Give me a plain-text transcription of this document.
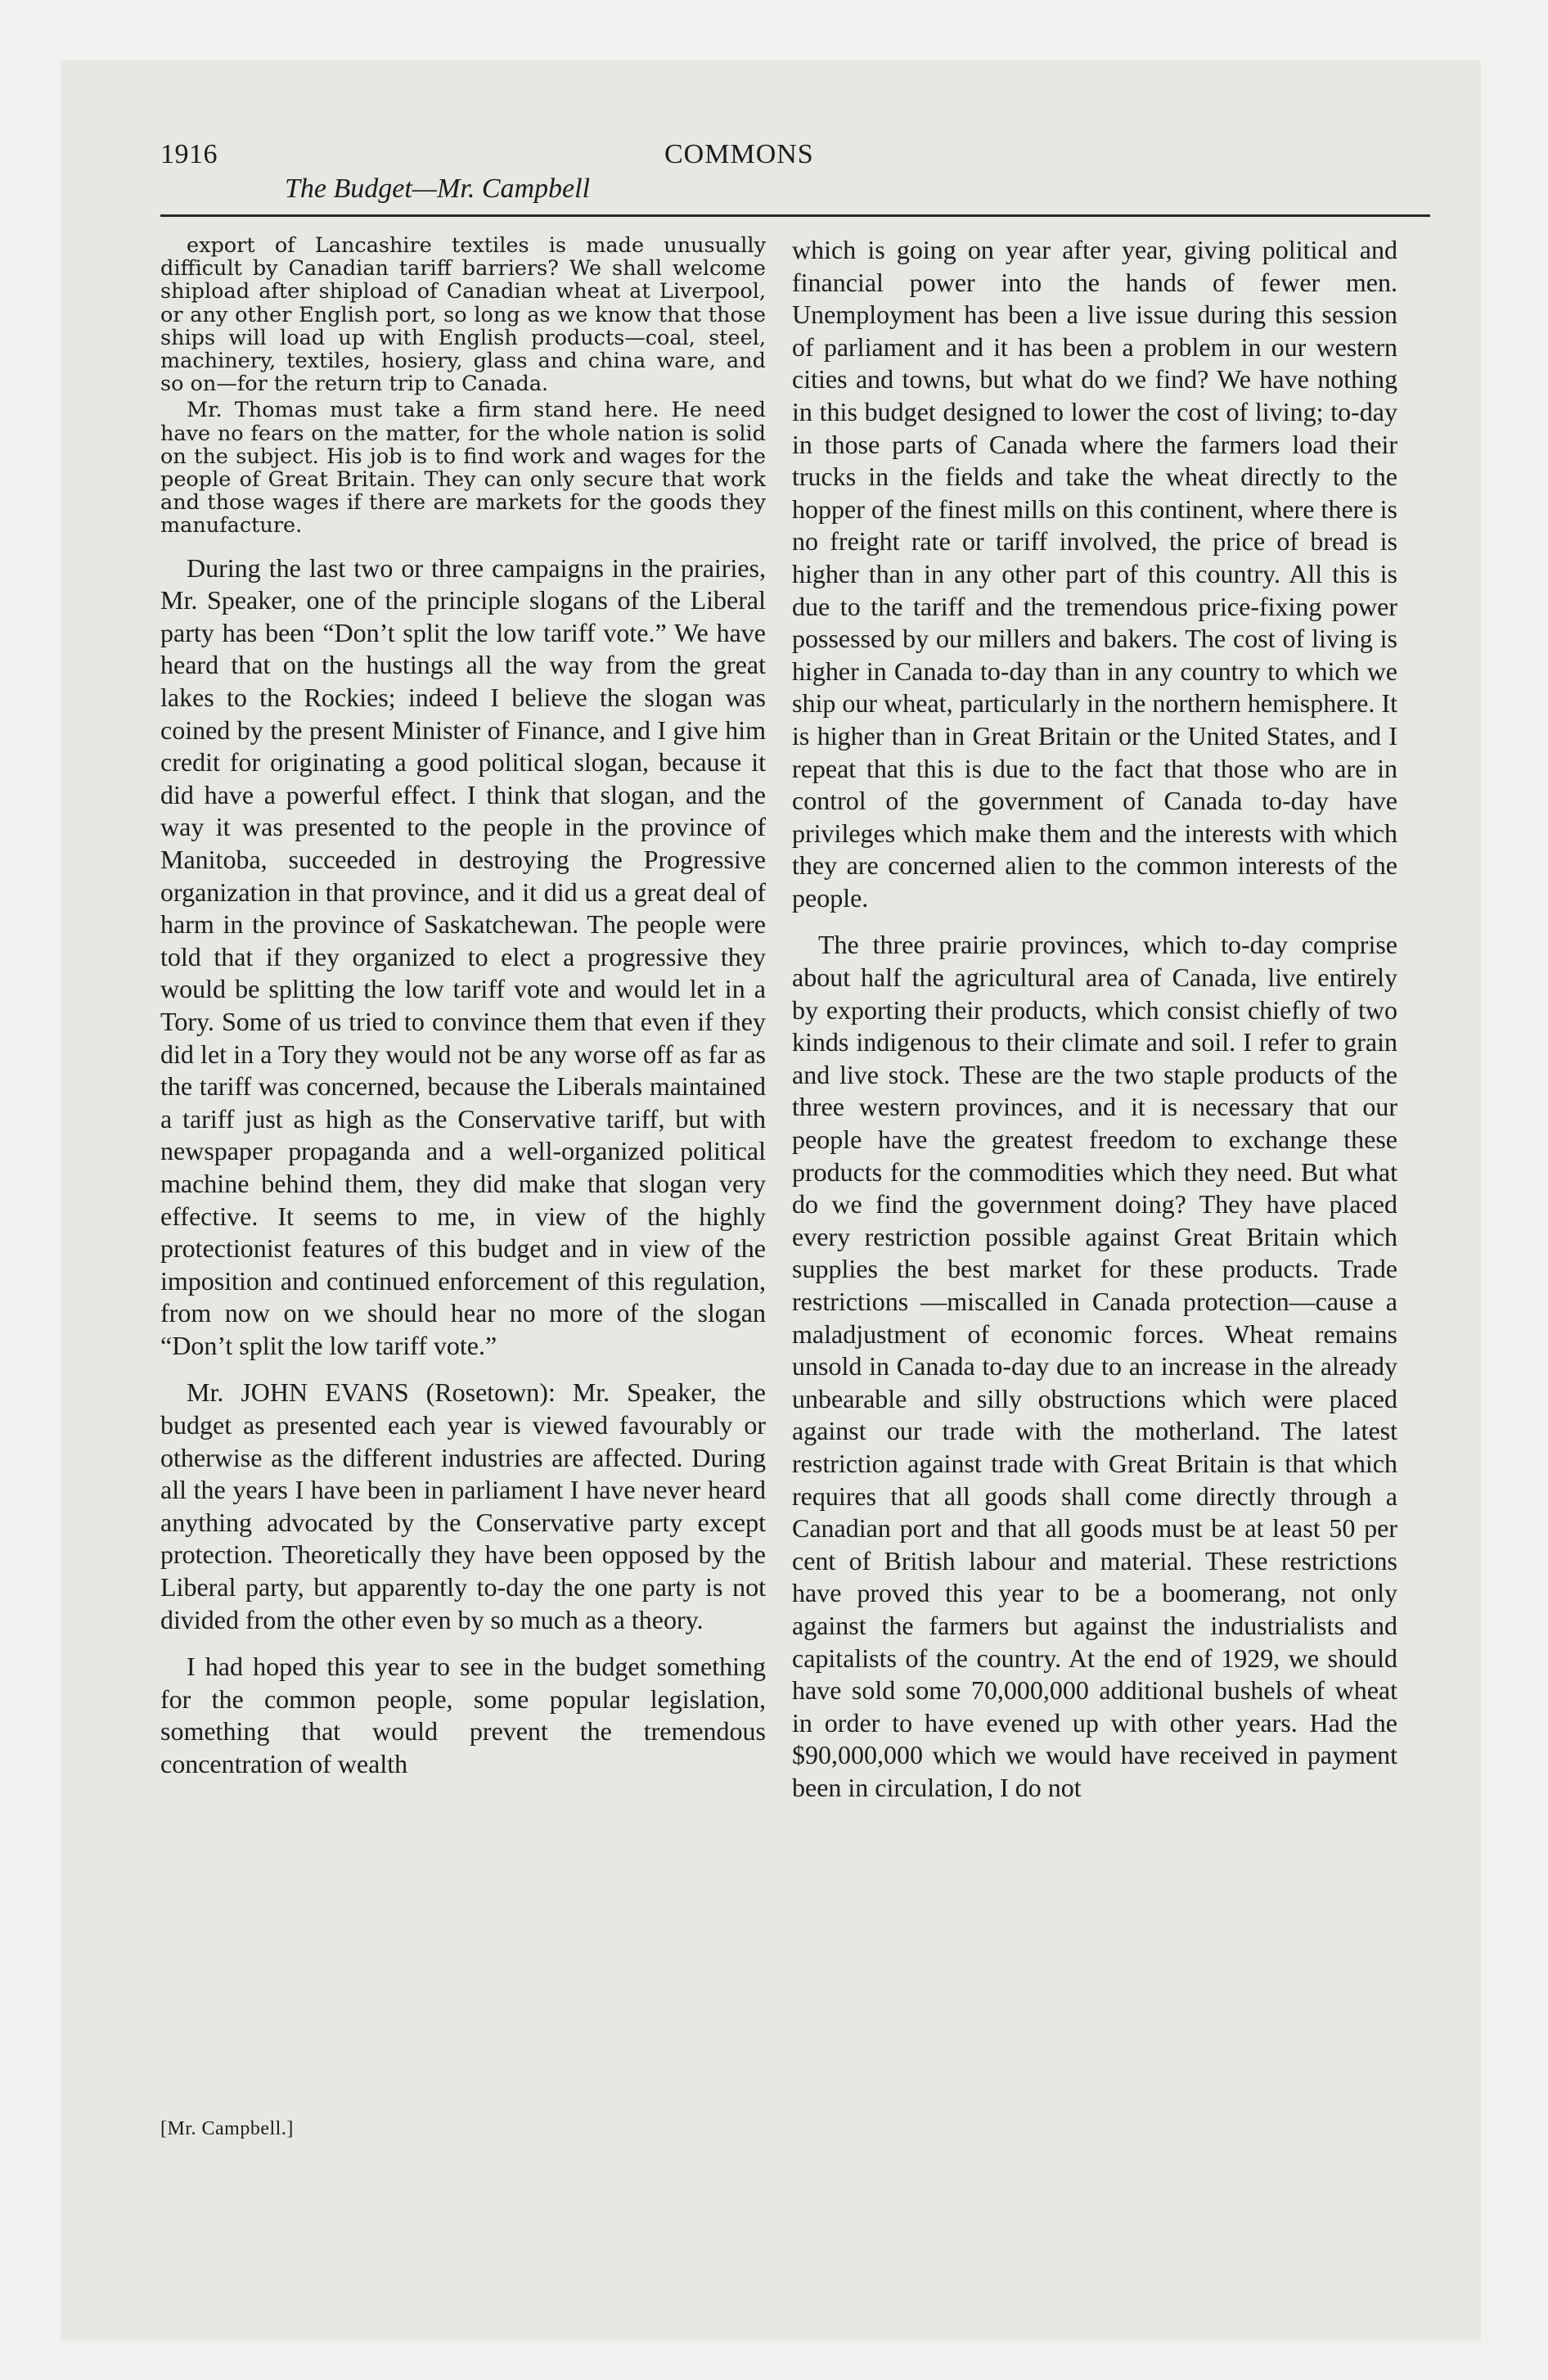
1916	COMMONS
The Budget—Mr. Campbell

export of Lancashire textiles is made unusually difficult by Canadian tariff barriers? We shall welcome shipload after shipload of Canadian wheat at Liverpool, or any other English port, so long as we know that those ships will load up with English products—coal, steel, machinery, textiles, hosiery, glass and china ware, and so on—for the return trip to Canada.

Mr. Thomas must take a firm stand here. He need have no fears on the matter, for the whole nation is solid on the subject. His job is to find work and wages for the people of Great Britain. They can only secure that work and those wages if there are markets for the goods they manufacture.

During the last two or three campaigns in the prairies, Mr. Speaker, one of the principle slogans of the Liberal party has been “Don’t split the low tariff vote.” We have heard that on the hustings all the way from the great lakes to the Rockies; indeed I believe the slogan was coined by the present Minister of Finance, and I give him credit for originating a good political slogan, because it did have a powerful effect. I think that slogan, and the way it was presented to the people in the province of Manitoba, succeeded in destroying the Progressive organization in that province, and it did us a great deal of harm in the province of Saskatchewan. The people were told that if they organized to elect a progressive they would be splitting the low tariff vote and would let in a Tory. Some of us tried to convince them that even if they did let in a Tory they would not be any worse off as far as the tariff was concerned, because the Liberals maintained a tariff just as high as the Conservative tariff, but with newspaper propaganda and a well-organized political machine behind them, they did make that slogan very effective. It seems to me, in view of the highly protectionist features of this budget and in view of the imposition and continued enforcement of this regulation, from now on we should hear no more of the slogan “Don’t split the low tariff vote.”

Mr. JOHN EVANS (Rosetown): Mr. Speaker, the budget as presented each year is viewed favourably or otherwise as the different industries are affected. During all the years I have been in parliament I have never heard anything advocated by the Conservative party except protection. Theoretically they have been opposed by the Liberal party, but apparently to-day the one party is not divided from the other even by so much as a theory.

I had hoped this year to see in the budget something for the common people, some popular legislation, something that would prevent the tremendous concentration of wealth

which is going on year after year, giving political and financial power into the hands of fewer men. Unemployment has been a live issue during this session of parliament and it has been a problem in our western cities and towns, but what do we find? We have nothing in this budget designed to lower the cost of living; to-day in those parts of Canada where the farmers load their trucks in the fields and take the wheat directly to the hopper of the finest mills on this continent, where there is no freight rate or tariff involved, the price of bread is higher than in any other part of this country. All this is due to the tariff and the tremendous price-fixing power possessed by our millers and bakers. The cost of living is higher in Canada to-day than in any country to which we ship our wheat, particularly in the northern hemisphere. It is higher than in Great Britain or the United States, and I repeat that this is due to the fact that those who are in control of the government of Canada to-day have privileges which make them and the interests with which they are concerned alien to the common interests of the people.

The three prairie provinces, which to-day comprise about half the agricultural area of Canada, live entirely by exporting their products, which consist chiefly of two kinds indigenous to their climate and soil. I refer to grain and live stock. These are the two staple products of the three western provinces, and it is necessary that our people have the greatest freedom to exchange these products for the commodities which they need. But what do we find the government doing? They have placed every restriction possible against Great Britain which supplies the best market for these products. Trade restrictions —miscalled in Canada protection—cause a maladjustment of economic forces. Wheat remains unsold in Canada to-day due to an increase in the already unbearable and silly obstructions which were placed against our trade with the motherland. The latest restriction against trade with Great Britain is that which requires that all goods shall come directly through a Canadian port and that all goods must be at least 50 per cent of British labour and material. These restrictions have proved this year to be a boomerang, not only against the farmers but against the industrialists and capitalists of the country. At the end of 1929, we should have sold some 70,000,000 additional bushels of wheat in order to have evened up with other years. Had the $90,000,000 which we would have received in payment been in circulation, I do not

[Mr. Campbell.]
